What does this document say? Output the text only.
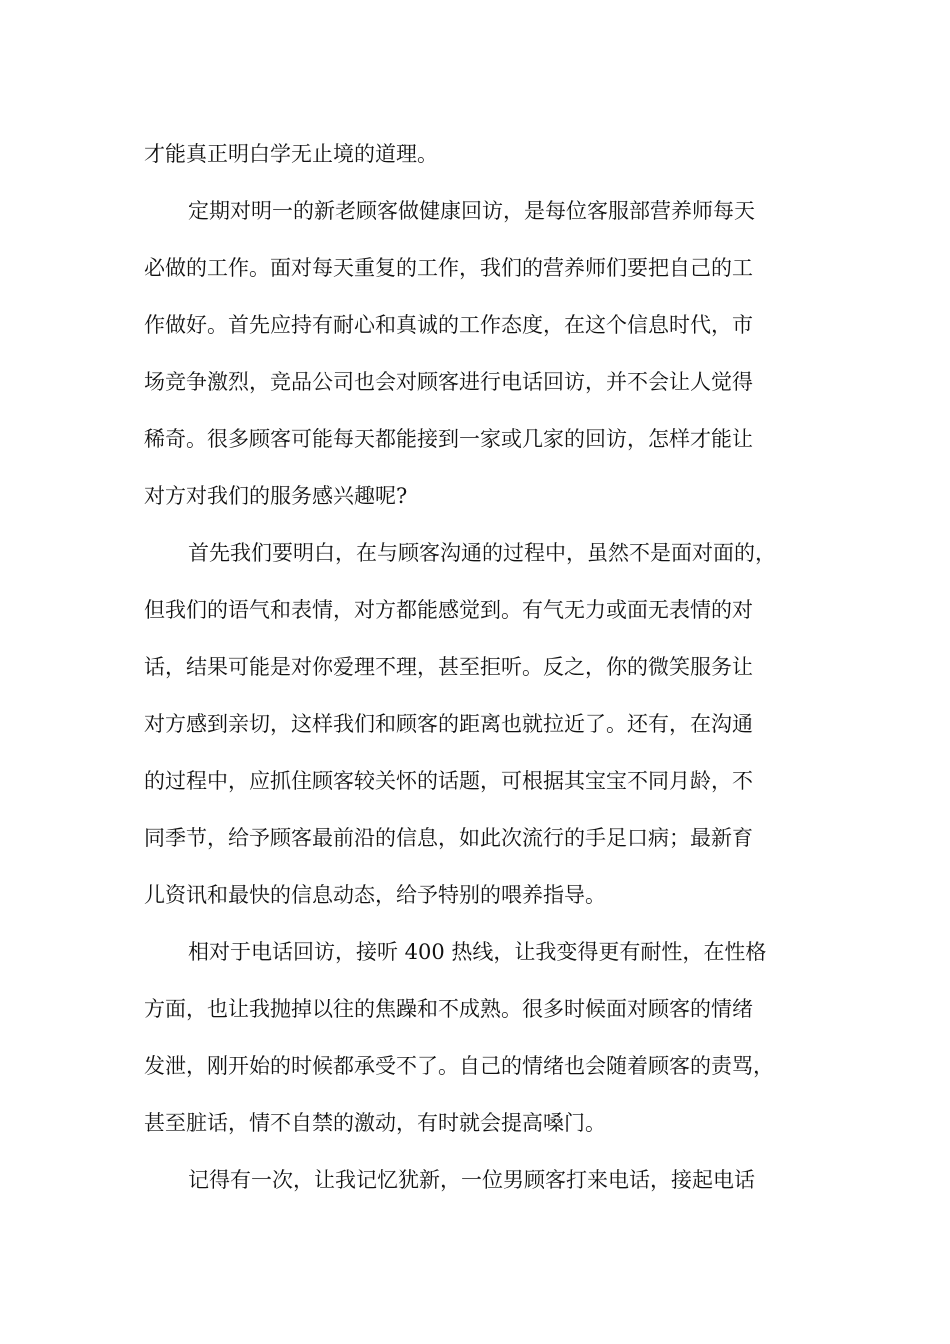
才能真正明白学无止境的道理。
定期对明一的新老顾客做健康回访，是每位客服部营养师每天
必做的工作。面对每天重复的工作，我们的营养师们要把自己的工
作做好。首先应持有耐心和真诚的工作态度，在这个信息时代，市
场竞争激烈，竞品公司也会对顾客进行电话回访，并不会让人觉得
稀奇。很多顾客可能每天都能接到一家或几家的回访，怎样才能让
对方对我们的服务感兴趣呢?
首先我们要明白，在与顾客沟通的过程中，虽然不是面对面的，
但我们的语气和表情，对方都能感觉到。有气无力或面无表情的对
话，结果可能是对你爱理不理，甚至拒听。反之，你的微笑服务让
对方感到亲切，这样我们和顾客的距离也就拉近了。还有，在沟通
的过程中，应抓住顾客较关怀的话题，可根据其宝宝不同月龄，不
同季节，给予顾客最前沿的信息，如此次流行的手足口病；最新育
儿资讯和最快的信息动态，给予特别的喂养指导。
相对于电话回访，接听 400 热线，让我变得更有耐性，在性格
方面，也让我抛掉以往的焦躁和不成熟。很多时候面对顾客的情绪
发泄，刚开始的时候都承受不了。自己的情绪也会随着顾客的责骂，
甚至脏话，情不自禁的激动，有时就会提高嗓门。
记得有一次，让我记忆犹新，一位男顾客打来电话，接起电话
